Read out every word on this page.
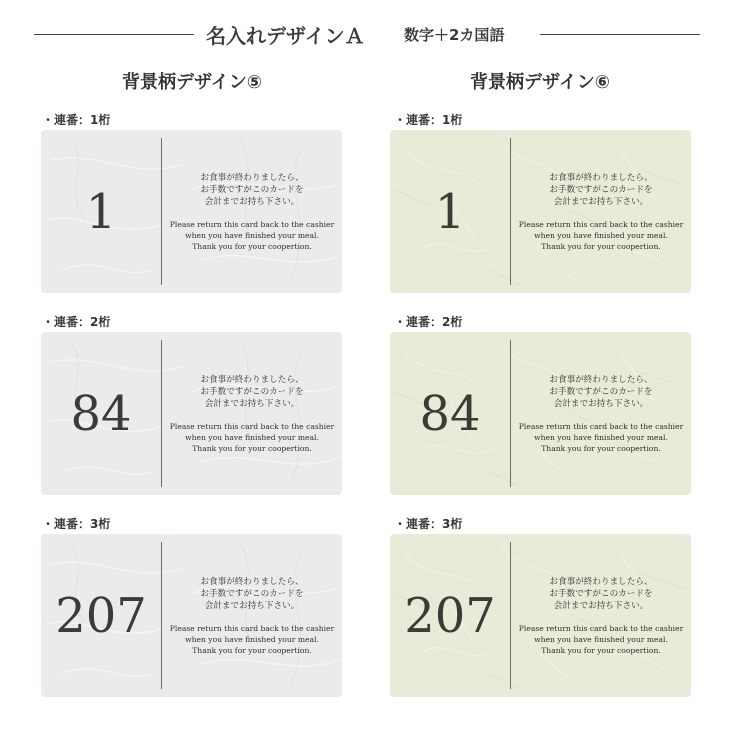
名入れデザインＡ	数字＋2カ国語
背景柄デザイン⑤	背景柄デザイン⑥
・連番：1桁	・連番：1桁
・連番：2桁	・連番：2桁
・連番：3桁	・連番：3桁
1
お食事が終わりましたら、
お手数ですがこのカードを
会計までお持ち下さい。
Please return this card back to the cashier
when you have finished your meal.
Thank you for your coopertion.
1
お食事が終わりましたら、
お手数ですがこのカードを
会計までお持ち下さい。
Please return this card back to the cashier
when you have finished your meal.
Thank you for your coopertion.
84
お食事が終わりましたら、
お手数ですがこのカードを
会計までお持ち下さい。
Please return this card back to the cashier
when you have finished your meal.
Thank you for your coopertion.
84
お食事が終わりましたら、
お手数ですがこのカードを
会計までお持ち下さい。
Please return this card back to the cashier
when you have finished your meal.
Thank you for your coopertion.
207
お食事が終わりましたら、
お手数ですがこのカードを
会計までお持ち下さい。
Please return this card back to the cashier
when you have finished your meal.
Thank you for your coopertion.
207
お食事が終わりましたら、
お手数ですがこのカードを
会計までお持ち下さい。
Please return this card back to the cashier
when you have finished your meal.
Thank you for your coopertion.
